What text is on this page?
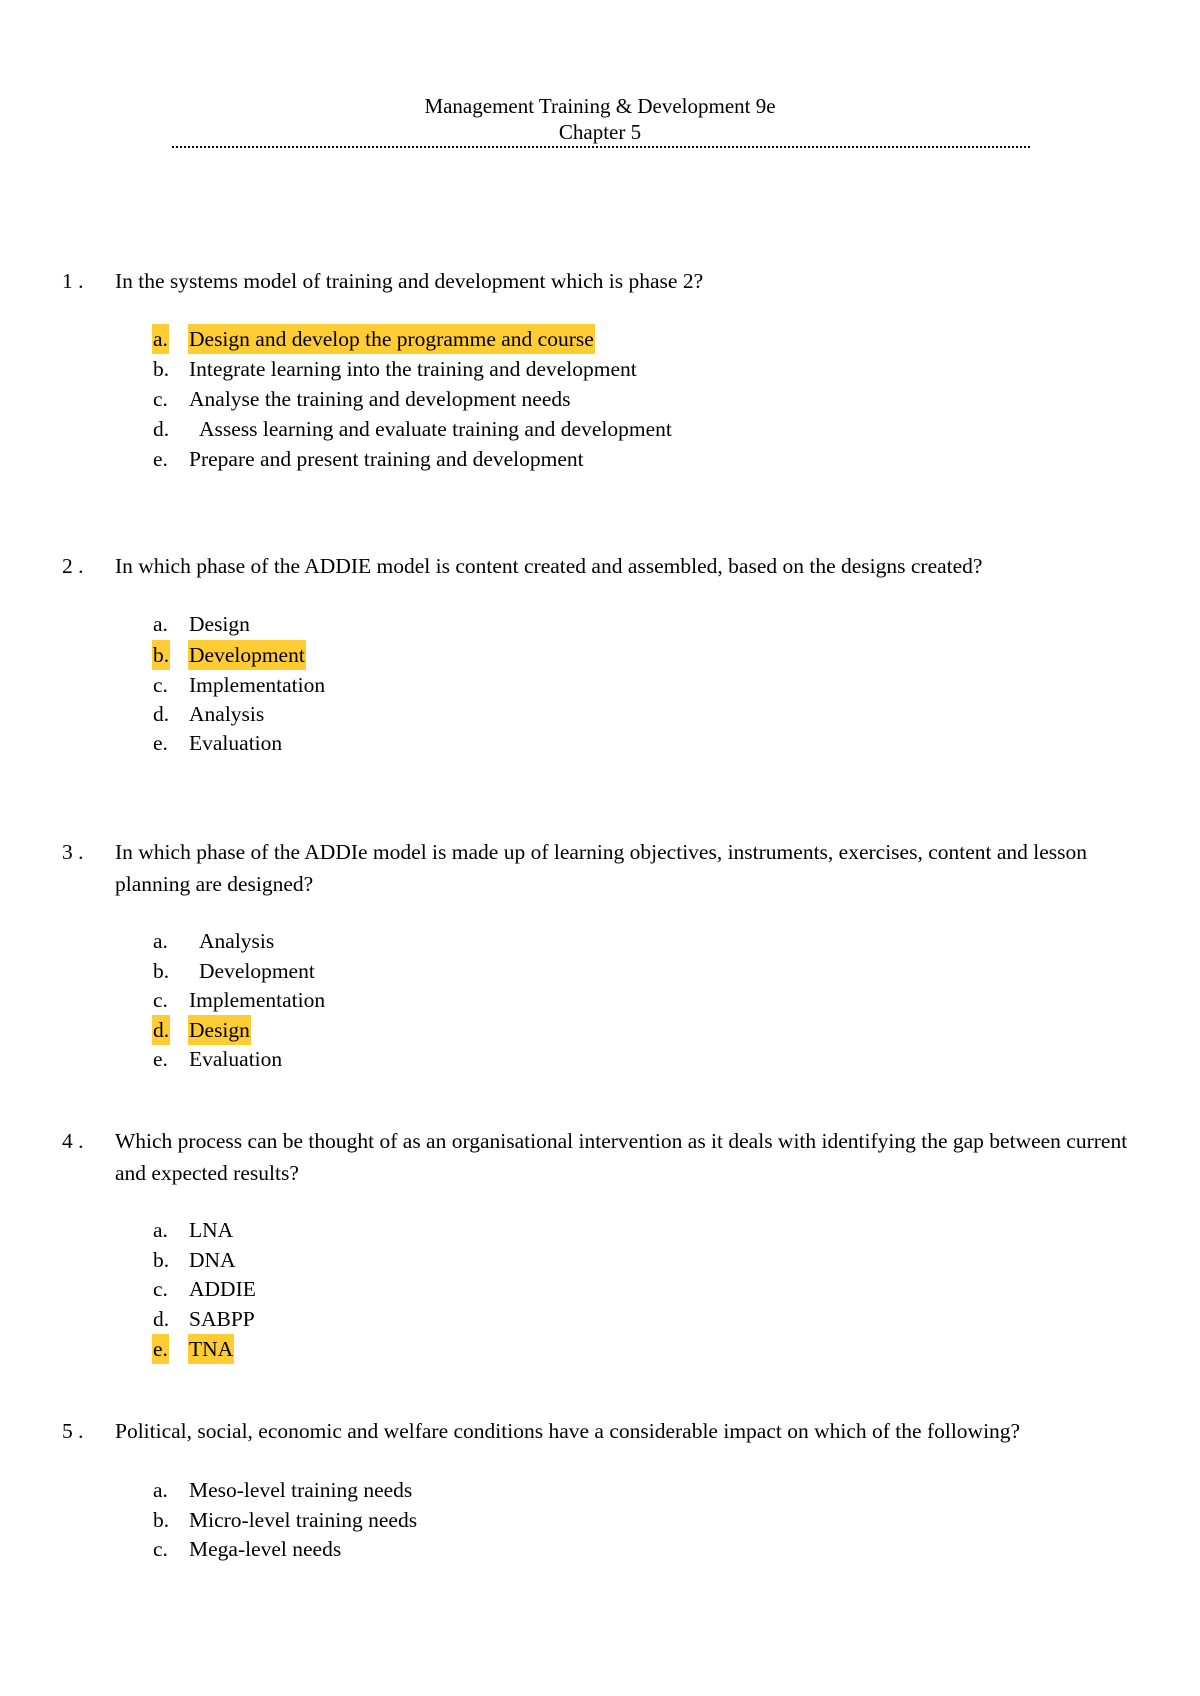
Management Training & Development 9e
Chapter 5
1 . In the systems model of training and development which is phase 2?
a. Design and develop the programme and course
b. Integrate learning into the training and development
c. Analyse the training and development needs
d. Assess learning and evaluate training and development
e. Prepare and present training and development
2 . In which phase of the ADDIE model is content created and assembled, based on the designs created?
a. Design
b. Development
c. Implementation
d. Analysis
e. Evaluation
3 . In which phase of the ADDIe model is made up of learning objectives, instruments, exercises, content and lesson planning are designed?
a. Analysis
b. Development
c. Implementation
d. Design
e. Evaluation
4 . Which process can be thought of as an organisational intervention as it deals with identifying the gap between current and expected results?
a. LNA
b. DNA
c. ADDIE
d. SABPP
e. TNA
5 . Political, social, economic and welfare conditions have a considerable impact on which of the following?
a. Meso-level training needs
b. Micro-level training needs
c. Mega-level needs
